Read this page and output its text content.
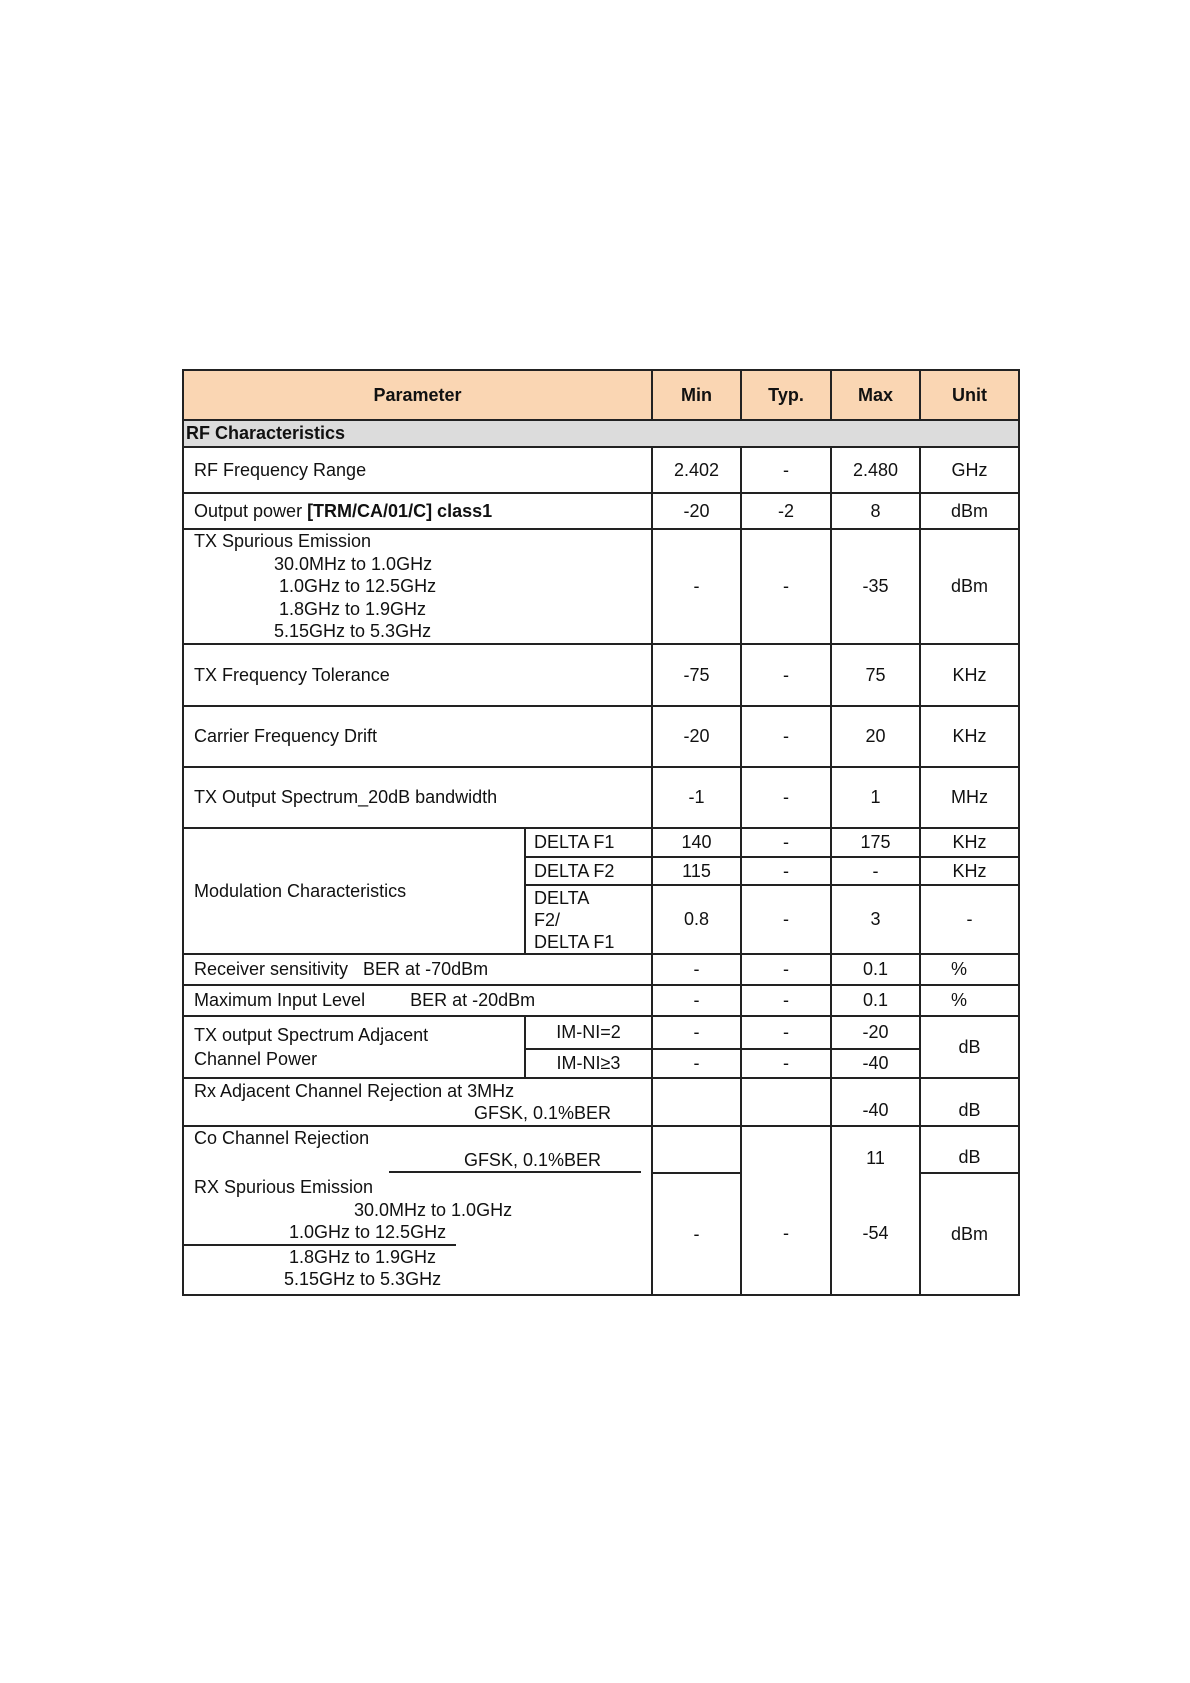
Parameter		Min	Typ.	Max	Unit
RF Characteristics					
RF Frequency Range		2.402	-	2.480	GHz
Output power [TRM/CA/01/C] class1		-20	-2	8	dBm

TX Spurious Emission
30.0MHz to 1.0GHz
1.0GHz to 12.5GHz
1.8GHz to 1.9GHz
5.15GHz to 5.3GHz		-	-	-35	dBm
TX Frequency Tolerance		-75	-	75	KHz
Carrier Frequency Drift		-20	-	20	KHz
TX Output Spectrum_20dB bandwidth		-1	-	1	MHz
Modulation Characteristics	DELTA F1	140	-	175	KHz
	DELTA F2	115	-	-	KHz

	DELTA
F2/
DELTA F1	0.8	-	3	-
Receiver sensitivity   BER at -70dBm		-	-	0.1	%
Maximum Input Level         BER at -20dBm		-	-	0.1	%

TX output Spectrum Adjacent
Channel Power	IM-NI=2	-	-	-20	dB
	IM-NI≥3	-	-	-40	

Rx Adjacent Channel Rejection at 3MHz
GFSK, 0.1%BER				-40	dB

Co Channel Rejection
GFSK, 0.1%BER				11	dB

RX Spurious Emission
30.0MHz to 1.0GHz
1.0GHz to 12.5GHz
1.8GHz to 1.9GHz
5.15GHz to 5.3GHz		-	-	-54	dBm
